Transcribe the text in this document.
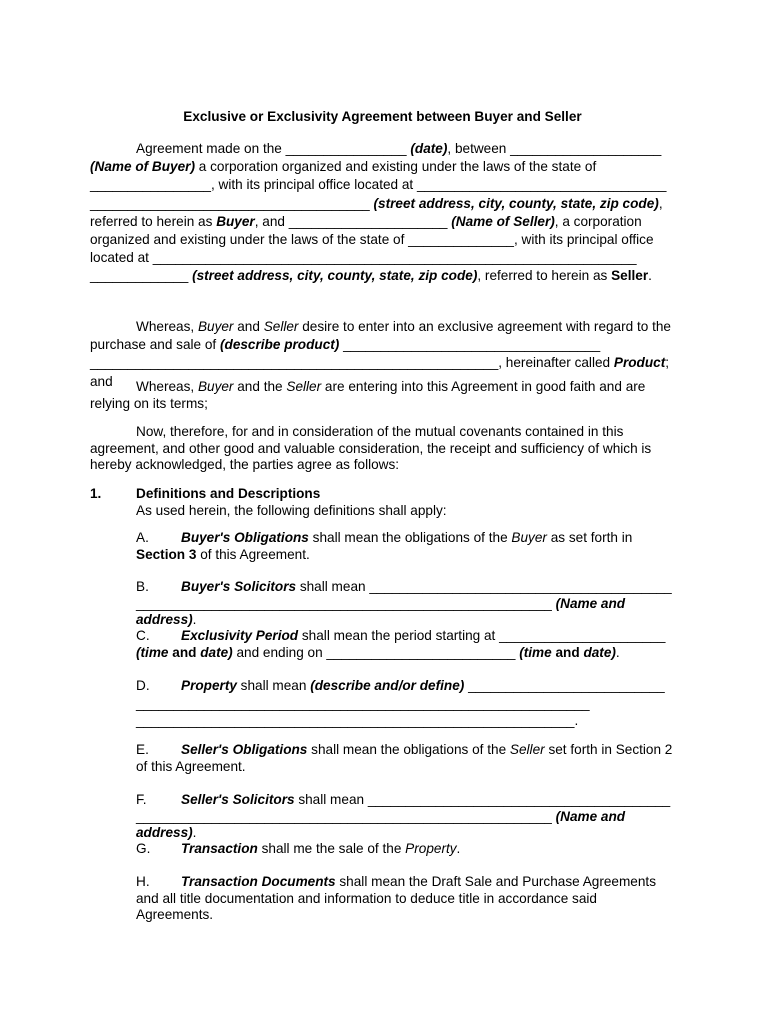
Exclusive or Exclusivity Agreement between Buyer and Seller

Agreement made on the ________________ (date), between ____________________ (Name of Buyer) a corporation organized and existing under the laws of the state of ________________, with its principal office located at _________________________________ _____________________________________ (street address, city, county, state, zip code), referred to herein as Buyer, and _____________________ (Name of Seller), a corporation organized and existing under the laws of the state of ______________, with its principal office located at ________________________________________________________________ _____________ (street address, city, county, state, zip code), referred to herein as Seller.

Whereas, Buyer and Seller desire to enter into an exclusive agreement with regard to the purchase and sale of (describe product) __________________________________ ______________________________________________________, hereinafter called Product; and	Whereas, Buyer and the Seller are entering into this Agreement in good faith and are relying on its terms;

Now, therefore, for and in consideration of the mutual covenants contained in this agreement, and other good and valuable consideration, the receipt and sufficiency of which is hereby acknowledged, the parties agree as follows:

1.	Definitions and Descriptions
As used herein, the following definitions shall apply:
A. Buyer's Obligations shall mean the obligations of the Buyer as set forth in Section 3 of this Agreement.
B. Buyer's Solicitors shall mean ________________________________________ _______________________________________________________ (Name and address).
C. Exclusivity Period shall mean the period starting at ______________________ (time and date) and ending on _________________________ (time and date).
D. Property shall mean (describe and/or define) __________________________ ____________________________________________________________ __________________________________________________________.
E. Seller's Obligations shall mean the obligations of the Seller set forth in Section 2 of this Agreement.
F.	Seller's Solicitors shall mean ________________________________________ _______________________________________________________ (Name and address).
G. Transaction shall me the sale of the Property.
H. Transaction Documents shall mean the Draft Sale and Purchase Agreements and all title documentation and information to deduce title in accordance said Agreements.
